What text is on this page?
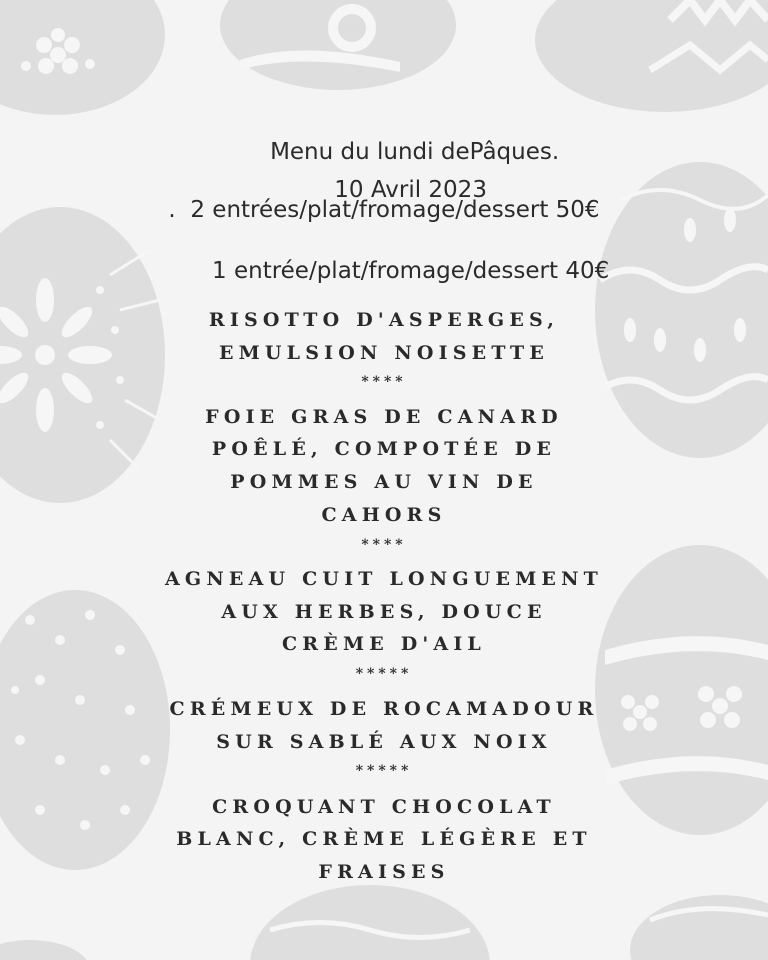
Menu du lundi dePâques.

10 Avril 2023

. 2 entrées/plat/fromage/dessert 50€

1 entrée/plat/fromage/dessert 40€

RISOTTO D'ASPERGES,
EMULSION NOISETTE
****
FOIE GRAS DE CANARD
POÊLÉ, COMPOTÉE DE
POMMES AU VIN DE
CAHORS
****
AGNEAU CUIT LONGUEMENT
AUX HERBES, DOUCE
CRÈME D'AIL
*****
CRÉMEUX DE ROCAMADOUR
SUR SABLÉ AUX NOIX
*****
CROQUANT CHOCOLAT
BLANC, CRÈME LÉGÈRE ET
FRAISES
